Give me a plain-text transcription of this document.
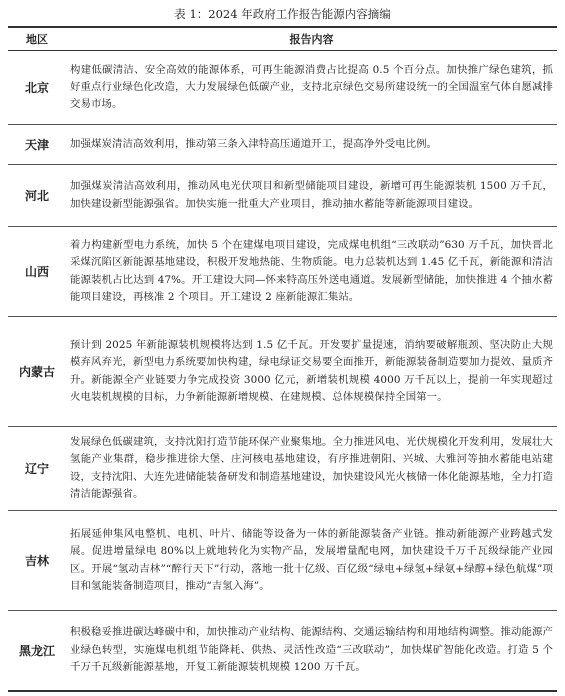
表 1：2024 年政府工作报告能源内容摘编
地区	报告内容
北京	构建低碳清洁、安全高效的能源体系，可再生能源消费占比提高 0.5 个百分点。加快推广绿色建筑，抓好重点行业绿色化改造，大力发展绿色低碳产业，支持北京绿色交易所建设统一的全国温室气体自愿减排交易市场。
天津	加强煤炭清洁高效利用，推动第三条入津特高压通道开工，提高净外受电比例。
河北	加强煤炭清洁高效利用，推动风电光伏项目和新型储能项目建设，新增可再生能源装机 1500 万千瓦，加快建设新型能源强省。加快实施一批重大产业项目，推动抽水蓄能等新能源项目建设。
山西	着力构建新型电力系统，加快 5 个在建煤电项目建设，完成煤电机组“三改联动”630 万千瓦，加快晋北采煤沉陷区新能源基地建设，积极开发地热能、生物质能。电力总装机达到 1.45 亿千瓦，新能源和清洁能源装机占比达到 47%。开工建设大同—怀来特高压外送电通道。发展新型储能，加快推进 4 个抽水蓄能项目建设，再核准 2 个项目。开工建设 2 座新能源汇集站。
内蒙古	预计到 2025 年新能源装机规模将达到 1.5 亿千瓦。开发要扩量提速，消纳要破解瓶颈、坚决防止大规模弃风弃光，新型电力系统要加快构建，绿电绿证交易要全面推开，新能源装备制造要加力提效、量质齐升。新能源全产业链要力争完成投资 3000 亿元，新增装机规模 4000 万千瓦以上，提前一年实现超过火电装机规模的目标，力争新能源新增规模、在建规模、总体规模保持全国第一。
辽宁	发展绿色低碳建筑，支持沈阳打造节能环保产业聚集地。全力推进风电、光伏规模化开发利用，发展壮大氢能产业集群，稳步推进徐大堡、庄河核电基地建设，有序推进朝阳、兴城、大雅河等抽水蓄能电站建设，支持沈阳、大连先进储能装备研发和制造基地建设，加快建设风光火核储一体化能源基地，全力打造清洁能源强省。
吉林	拓展延伸集风电整机、电机、叶片、储能等设备为一体的新能源装备产业链。推动新能源产业跨越式发展。促进增量绿电 80%以上就地转化为实物产品，发展增量配电网，加快建设千万千瓦级绿能产业园区。开展“氢动吉林”“醉行天下”行动，落地一批十亿级、百亿级“绿电+绿氢+绿氨+绿醇+绿色航煤”项目和氢能装备制造项目，推动“吉氢入海”。
黑龙江	积极稳妥推进碳达峰碳中和，加快推动产业结构、能源结构、交通运输结构和用地结构调整。推动能源产业绿色转型，实施煤电机组节能降耗、供热、灵活性改造“三改联动”，加快煤矿智能化改造。打造 5 个千万千瓦级新能源基地，开复工新能源装机规模 1200 万千瓦。
